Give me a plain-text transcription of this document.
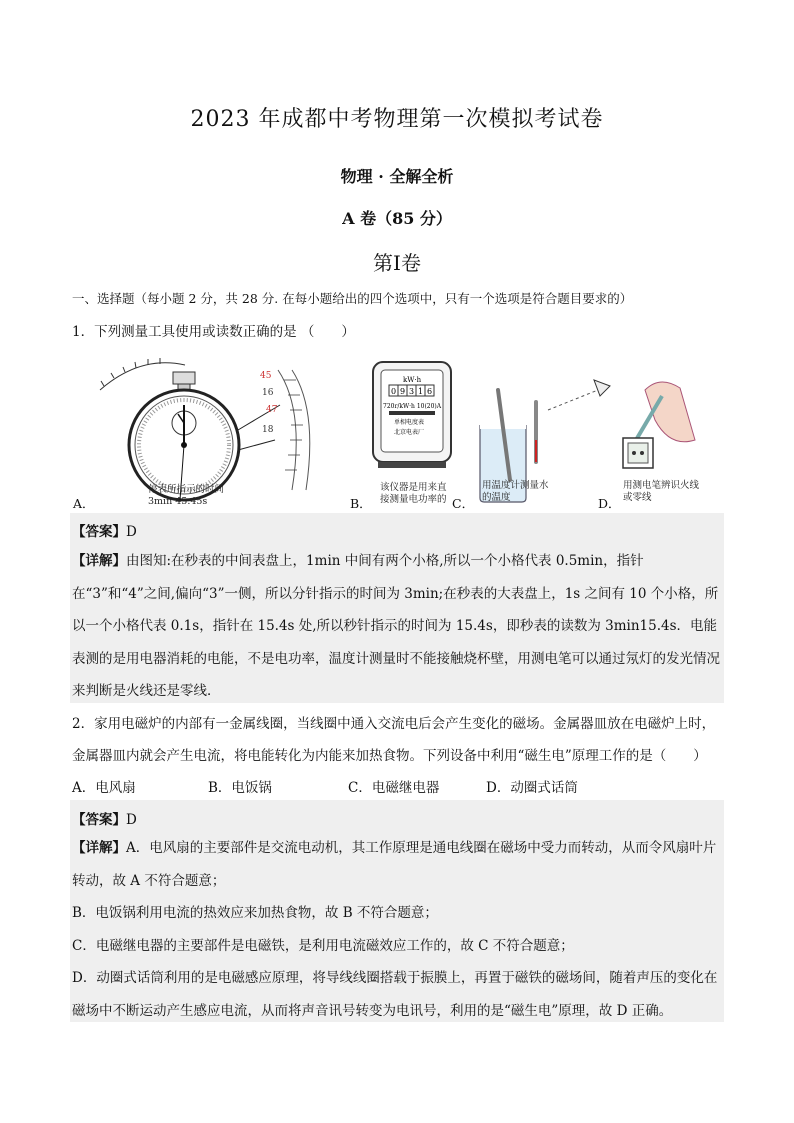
2023 年成都中考物理第一次模拟考试卷
物理 · 全解全析
A 卷（85 分）
第Ⅰ卷
一、选择题（每小题 2 分，共 28 分. 在每小题给出的四个选项中，只有一个选项是符合题目要求的）
1．下列测量工具使用或读数正确的是 （　　）
45
16
47
18
kW·h
0 9 3 1 6
720r/kW·h 10(20)A
单相电度表
北京电表厂
A．
停表所指示的时间
3min 45.45s	B．
该仪器是用来直
接测量电功率的 C．
用温度计测量水
的温度	D．
用测电笔辨识火线
或零线
【答案】D
【详解】由图知:在秒表的中间表盘上，1min 中间有两个小格,所以一个小格代表 0.5min，指针在“3”和“4”之间,偏向“3”一侧，所以分针指示的时间为 3min;在秒表的大表盘上，1s 之间有 10 个小格，所以一个小格代表 0.1s，指针在 15.4s 处,所以秒针指示的时间为 15.4s，即秒表的读数为 3min15.4s．电能表测的是用电器消耗的电能，不是电功率，温度计测量时不能接触烧杯壁，用测电笔可以通过氖灯的发光情况来判断是火线还是零线．
2．家用电磁炉的内部有一金属线圈，当线圈中通入交流电后会产生变化的磁场。金属器皿放在电磁炉上时，
金属器皿内就会产生电流，将电能转化为内能来加热食物。下列设备中利用“磁生电”原理工作的是（　　）
A．电风扇	B．电饭锅	C．电磁继电器	D．动圈式话筒
【答案】D
【详解】A．电风扇的主要部件是交流电动机，其工作原理是通电线圈在磁场中受力而转动，从而令风扇叶片转动，故 A 不符合题意；
B．电饭锅利用电流的热效应来加热食物，故 B 不符合题意；
C．电磁继电器的主要部件是电磁铁，是利用电流磁效应工作的，故 C 不符合题意；
D．动圈式话筒利用的是电磁感应原理，将导线线圈搭载于振膜上，再置于磁铁的磁场间，随着声压的变化在磁场中不断运动产生感应电流，从而将声音讯号转变为电讯号，利用的是“磁生电”原理，故 D 正确。
